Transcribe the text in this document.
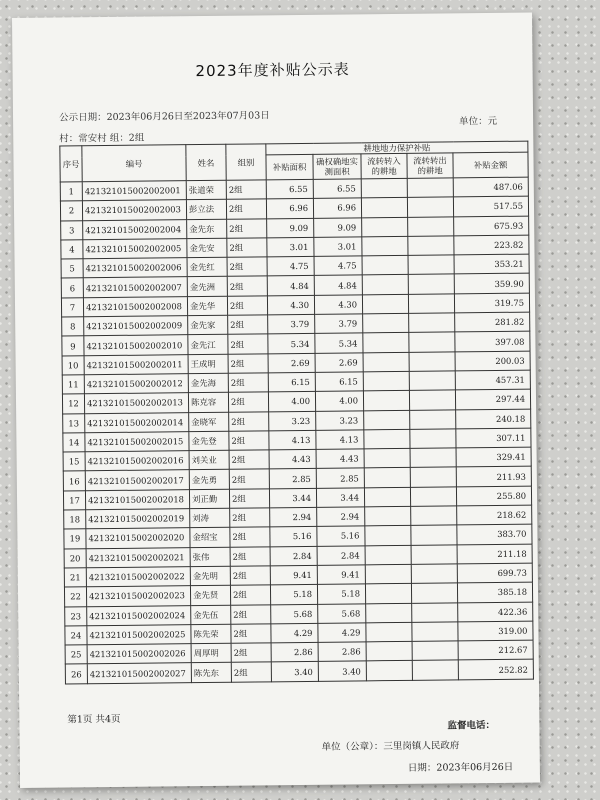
2023年度补贴公示表
公示日期：2023年06月26日至2023年07月03日	单位：元
村：常安村 组：2组
序号	编号	姓名	组别	耕地地力保护补贴				
				补贴面积	确权确地实测面积	流转转入的耕地	流转转出的耕地	补贴金额
1	421321015002002001	张道荣	2组	6.55	6.55			487.06
2	421321015002002003	彭立法	2组	6.96	6.96			517.55
3	421321015002002004	金先东	2组	9.09	9.09			675.93
4	421321015002002005	金先安	2组	3.01	3.01			223.82
5	421321015002002006	金先红	2组	4.75	4.75			353.21
6	421321015002002007	金先洲	2组	4.84	4.84			359.90
7	421321015002002008	金先华	2组	4.30	4.30			319.75
8	421321015002002009	金先家	2组	3.79	3.79			281.82
9	421321015002002010	金先江	2组	5.34	5.34			397.08
10	421321015002002011	王成明	2组	2.69	2.69			200.03
11	421321015002002012	金先海	2组	6.15	6.15			457.31
12	421321015002002013	陈克容	2组	4.00	4.00			297.44
13	421321015002002014	金晓军	2组	3.23	3.23			240.18
14	421321015002002015	金先登	2组	4.13	4.13			307.11
15	421321015002002016	刘关业	2组	4.43	4.43			329.41
16	421321015002002017	金先勇	2组	2.85	2.85			211.93
17	421321015002002018	刘正勤	2组	3.44	3.44			255.80
18	421321015002002019	刘涛	2组	2.94	2.94			218.62
19	421321015002002020	金绍宝	2组	5.16	5.16			383.70
20	421321015002002021	张伟	2组	2.84	2.84			211.18
21	421321015002002022	金先明	2组	9.41	9.41			699.73
22	421321015002002023	金先贤	2组	5.18	5.18			385.18
23	421321015002002024	金先伍	2组	5.68	5.68			422.36
24	421321015002002025	陈先荣	2组	4.29	4.29			319.00
25	421321015002002026	周厚明	2组	2.86	2.86			212.67
26	421321015002002027	陈先东	2组	3.40	3.40			252.82
第1页 共4页
监督电话：
单位（公章）：三里岗镇人民政府
日期：2023年06月26日
